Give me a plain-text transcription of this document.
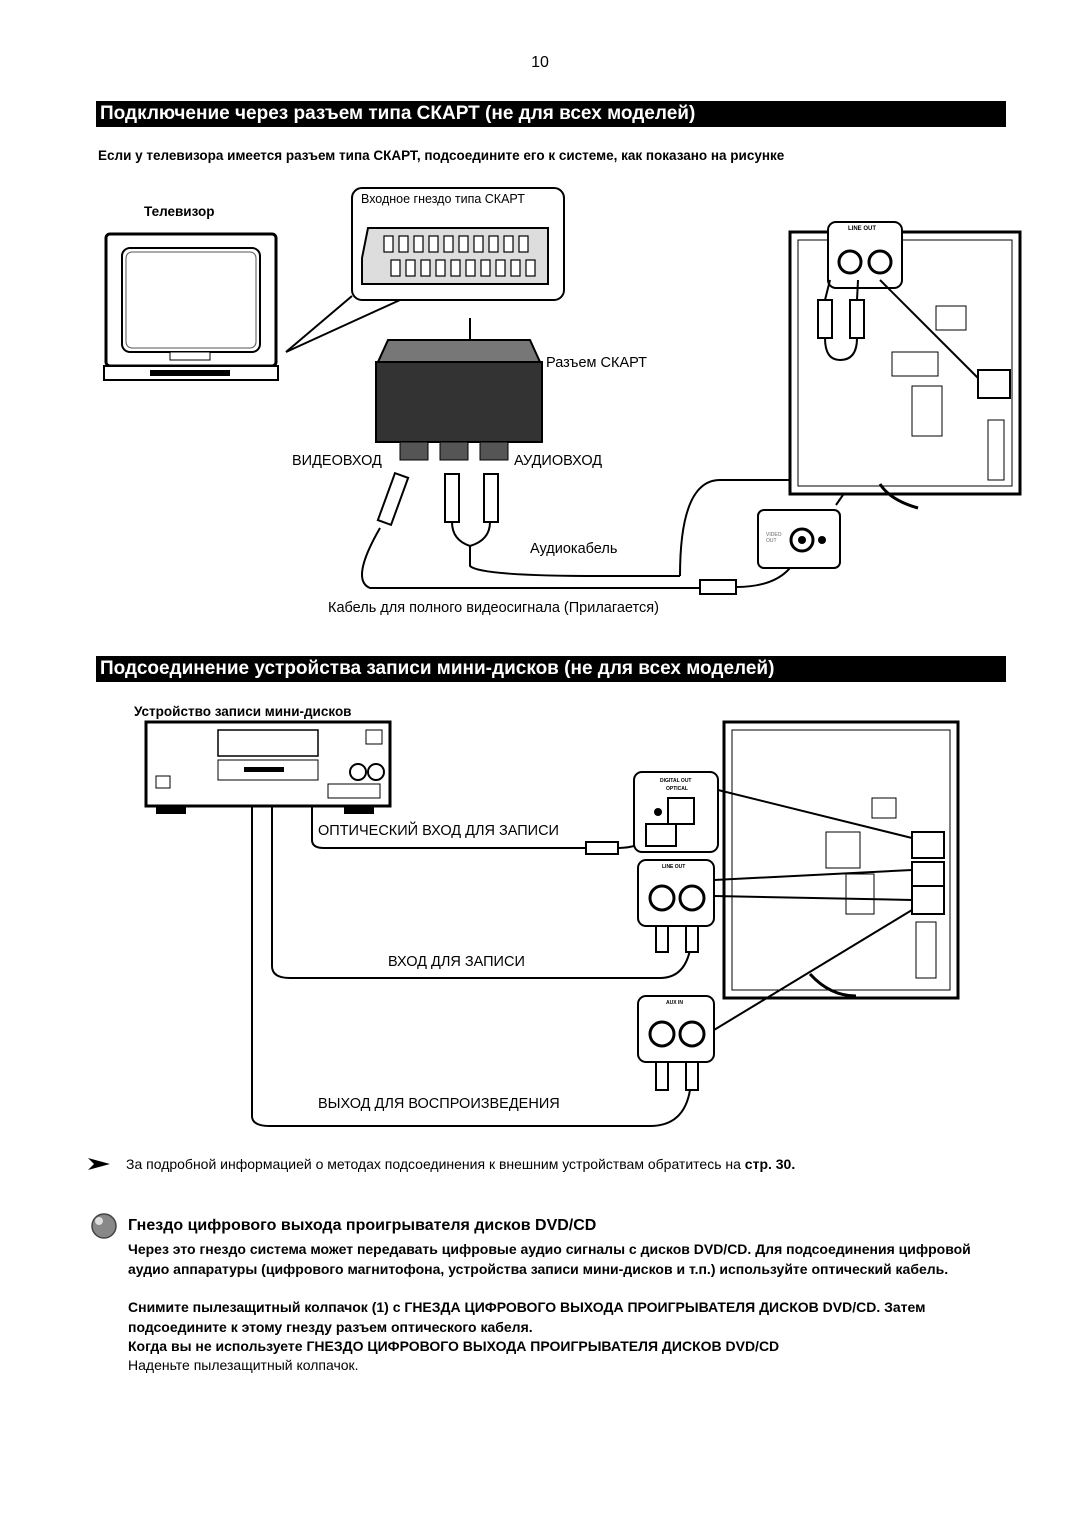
10
Подключение через разъем типа СКАРТ (не для всех моделей)
Если у телевизора имеется разъем типа СКАРТ, подсоедините его к системе, как показано на рисунке
Телевизор
Входное гнездо типа СКАРТ
Разъем СКАРТ
ВИДЕОВХОД	АУДИОВХОД
Аудиокабель
Кабель для полного видеосигнала (Прилагается)
LINE OUT
VIDEO OUT
Подсоединение устройства записи мини-дисков (не для всех моделей)
Устройство записи мини-дисков
ОПТИЧЕСКИЙ ВХОД ДЛЯ ЗАПИСИ
ВХОД ДЛЯ ЗАПИСИ
ВЫХОД ДЛЯ ВОСПРОИЗВЕДЕНИЯ
DIGITAL OUT
OPTICAL
LINE OUT
AUX IN
За подробной информацией о методах подсоединения к внешним устройствам обратитесь на стр. 30.
Гнездо цифрового выхода проигрывателя дисков DVD/CD
Через это гнездо система может передавать цифровые аудио сигналы с дисков DVD/CD. Для подсоединения цифровой аудио аппаратуры (цифрового магнитофона, устройства записи мини-дисков и т.п.) используйте оптический кабель.
Снимите пылезащитный колпачок (1) с ГНЕЗДА ЦИФРОВОГО ВЫХОДА ПРОИГРЫВАТЕЛЯ ДИСКОВ DVD/CD. Затем подсоедините к этому гнезду разъем оптического кабеля.
Когда вы не используете ГНЕЗДО ЦИФРОВОГО ВЫХОДА ПРОИГРЫВАТЕЛЯ ДИСКОВ DVD/CD
Наденьте пылезащитный колпачок.
